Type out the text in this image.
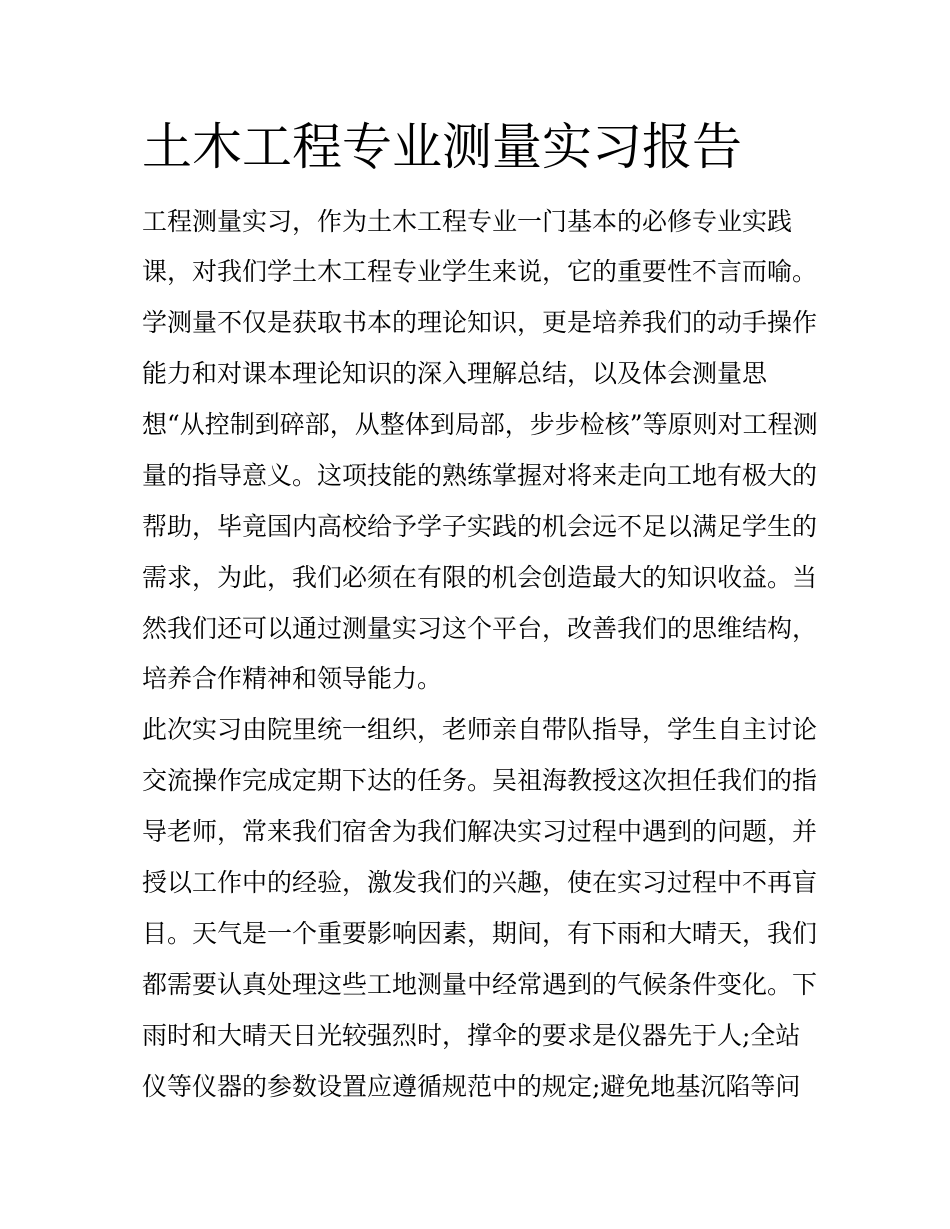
土木工程专业测量实习报告

工程测量实习，作为土木工程专业一门基本的必修专业实践

课，对我们学土木工程专业学生来说，它的重要性不言而喻。

学测量不仅是获取书本的理论知识，更是培养我们的动手操作

能力和对课本理论知识的深入理解总结，以及体会测量思

想“从控制到碎部，从整体到局部，步步检核”等原则对工程测

量的指导意义。这项技能的熟练掌握对将来走向工地有极大的

帮助，毕竟国内高校给予学子实践的机会远不足以满足学生的

需求，为此，我们必须在有限的机会创造最大的知识收益。当

然我们还可以通过测量实习这个平台，改善我们的思维结构，

培养合作精神和领导能力。

此次实习由院里统一组织，老师亲自带队指导，学生自主讨论

交流操作完成定期下达的任务。吴祖海教授这次担任我们的指

导老师，常来我们宿舍为我们解决实习过程中遇到的问题，并

授以工作中的经验，激发我们的兴趣，使在实习过程中不再盲

目。天气是一个重要影响因素，期间，有下雨和大晴天，我们

都需要认真处理这些工地测量中经常遇到的气候条件变化。下

雨时和大晴天日光较强烈时，撑伞的要求是仪器先于人;全站

仪等仪器的参数设置应遵循规范中的规定;避免地基沉陷等问
